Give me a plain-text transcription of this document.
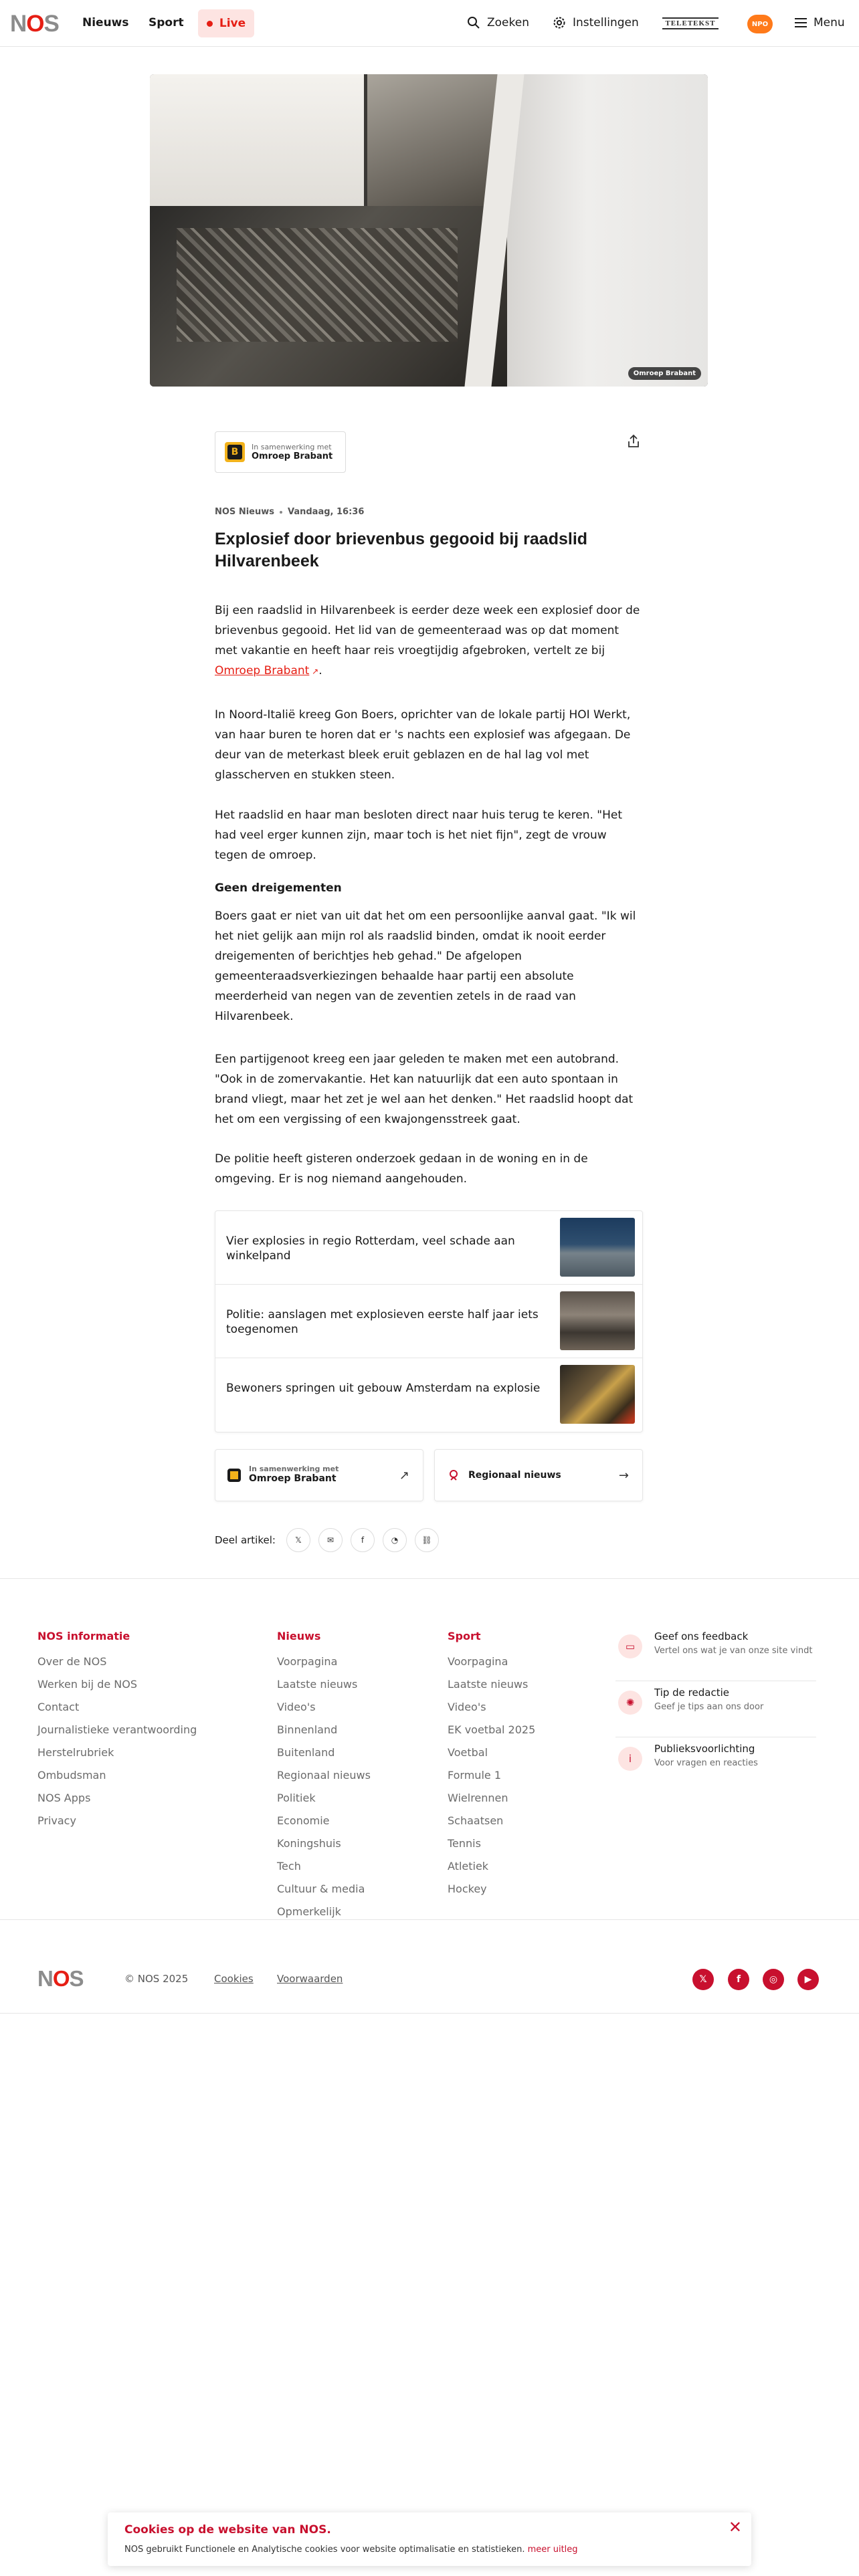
NOS Nieuws Sport	Live	Zoeken	Instellingen	TELETEKST	NPO	Menu
Omroep Brabant
B	In samenwerking met
Omroep Brabant
NOS Nieuws Vandaag, 16:36
Explosief door brievenbus gegooid bij raadslid Hilvarenbeek

Bij een raadslid in Hilvarenbeek is eerder deze week een explosief door de brievenbus gegooid. Het lid van de gemeenteraad was op dat moment met vakantie en heeft haar reis vroegtijdig afgebroken, vertelt ze bij Omroep Brabant ↗.

In Noord-Italië kreeg Gon Boers, oprichter van de lokale partij HOI Werkt, van haar buren te horen dat er 's nachts een explosief was afgegaan. De deur van de meterkast bleek eruit geblazen en de hal lag vol met glasscherven en stukken steen.

Het raadslid en haar man besloten direct naar huis terug te keren. "Het had veel erger kunnen zijn, maar toch is het niet fijn", zegt de vrouw tegen de omroep.

Geen dreigementen

Boers gaat er niet van uit dat het om een persoonlijke aanval gaat. "Ik wil het niet gelijk aan mijn rol als raadslid binden, omdat ik nooit eerder dreigementen of berichtjes heb gehad." De afgelopen gemeenteraadsverkiezingen behaalde haar partij een absolute meerderheid van negen van de zeventien zetels in de raad van Hilvarenbeek.

Een partijgenoot kreeg een jaar geleden te maken met een autobrand. "Ook in de zomervakantie. Het kan natuurlijk dat een auto spontaan in brand vliegt, maar het zet je wel aan het denken." Het raadslid hoopt dat het om een vergissing of een kwajongensstreek gaat.

De politie heeft gisteren onderzoek gedaan in de woning en in de omgeving. Er is nog niemand aangehouden.

Vier explosies in regio Rotterdam, veel schade aan winkelpand
Politie: aanslagen met explosieven eerste half jaar iets toegenomen
Bewoners springen uit gebouw Amsterdam na explosie
In samenwerking met
Omroep Brabant	↗	Regionaal nieuws	→
Deel artikel:	𝕏	✉	f	◔	⛓
NOS informatie
Over de NOS
Werken bij de NOS
Contact
Journalistieke verantwoording
Herstelrubriek
Ombudsman
NOS Apps
Privacy
Nieuws
Voorpagina
Laatste nieuws
Video's
Binnenland
Buitenland
Regionaal nieuws
Politiek
Economie
Koningshuis
Tech
Cultuur & media
Opmerkelijk
Sport
Voorpagina
Laatste nieuws
Video's
EK voetbal 2025
Voetbal
Formule 1
Wielrennen
Schaatsen
Tennis
Atletiek
Hockey
▭
Geef ons feedback
Vertel ons wat je van onze site vindt
✺
Tip de redactie
Geef je tips aan ons door
i
Publieksvoorlichting
Voor vragen en reacties
NOS	© NOS 2025	Cookies Voorwaarden	𝕏	f	◎	▶
Cookies op de website van NOS.

NOS gebruikt Functionele en Analytische cookies voor website optimalisatie en statistieken. meer uitleg

✕
